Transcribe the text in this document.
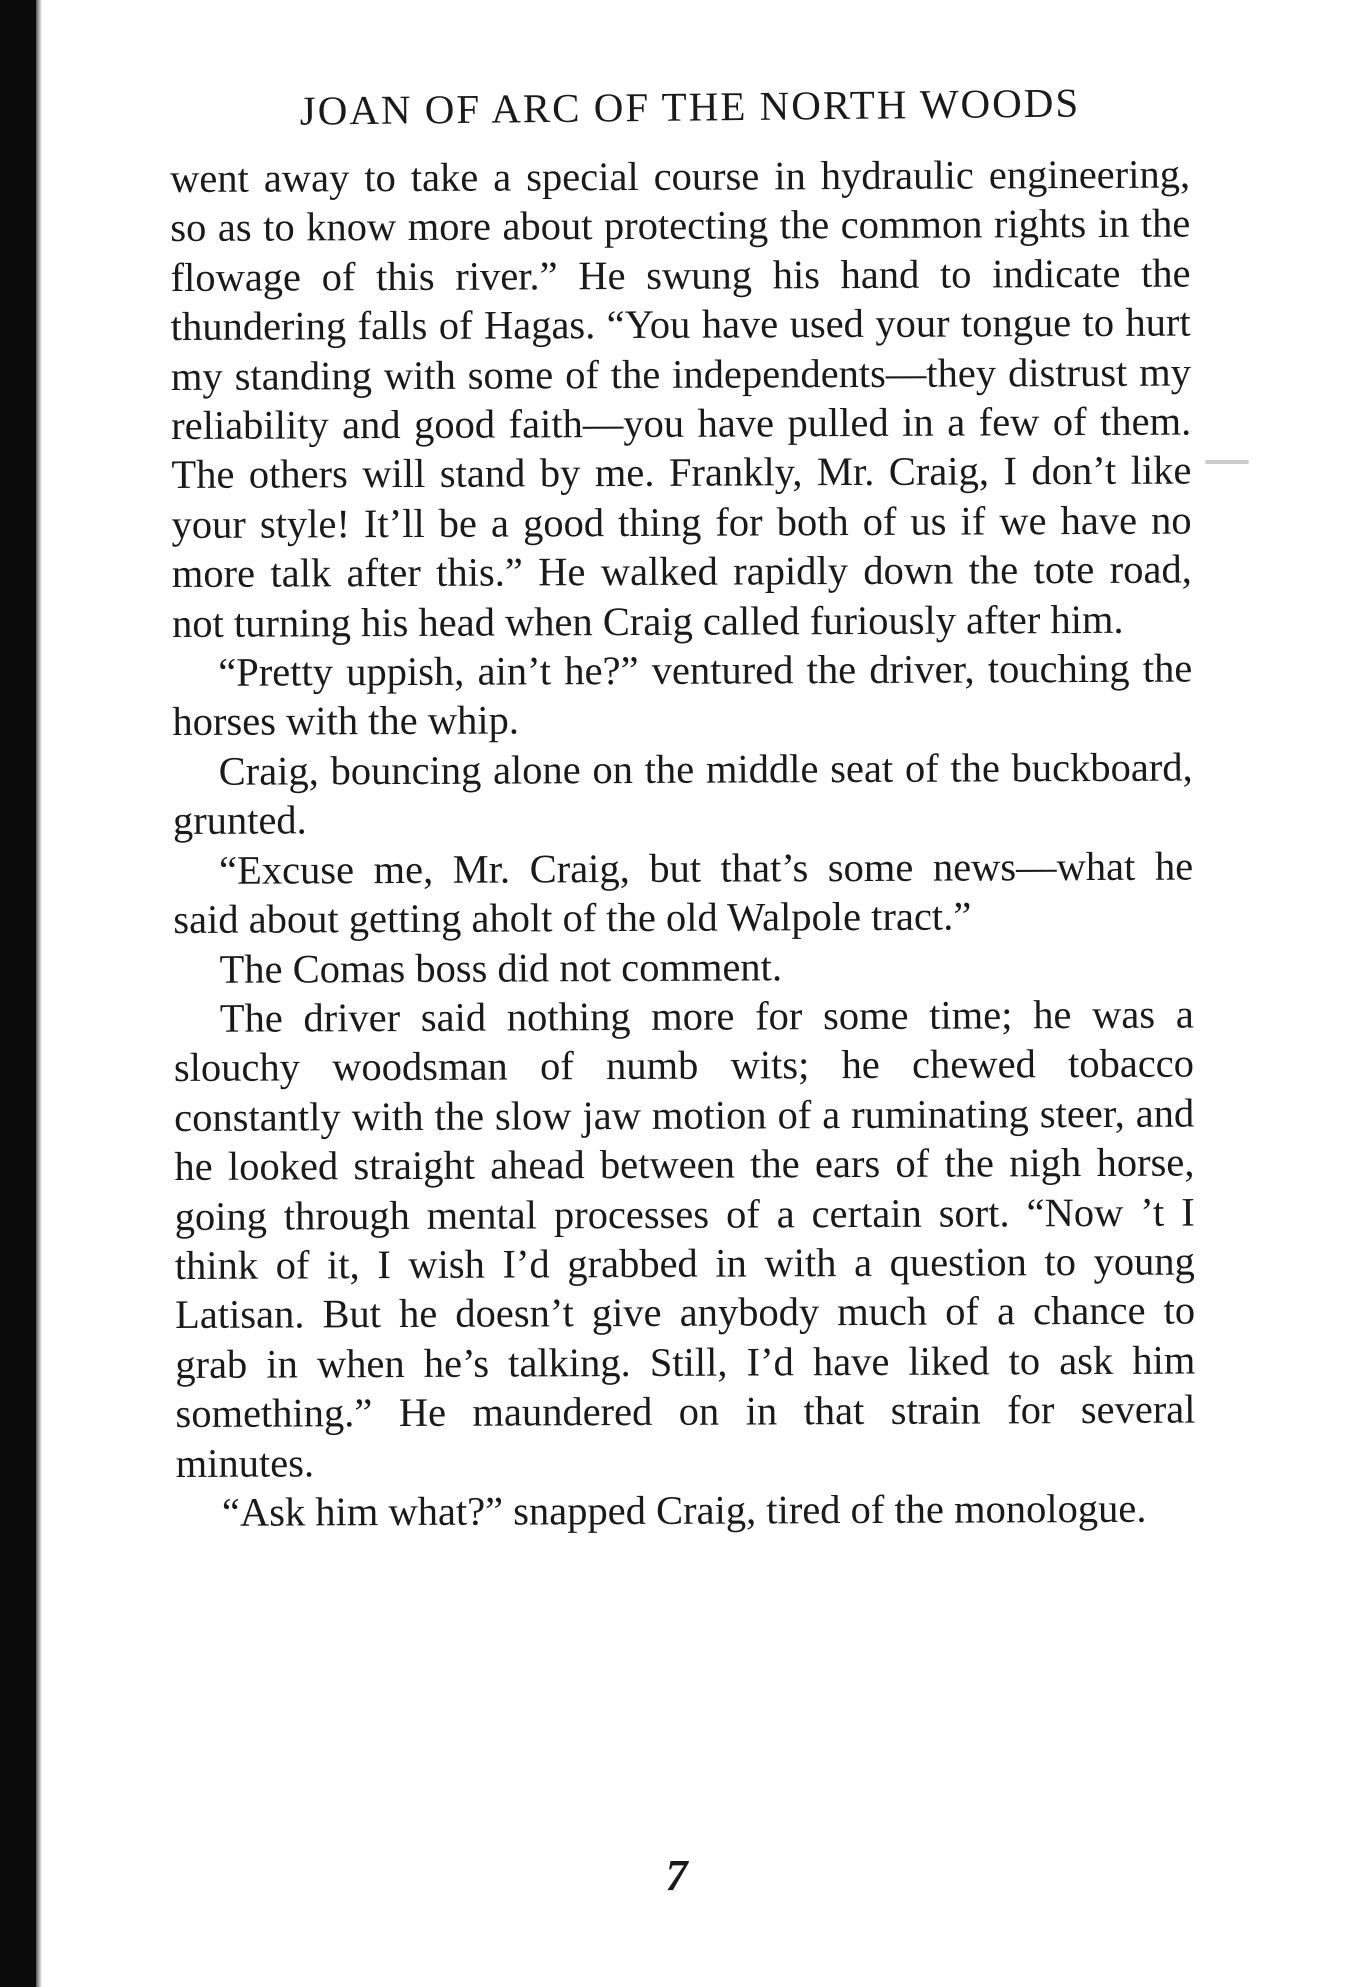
JOAN OF ARC OF THE NORTH WOODS

went away to take a special course in hydraulic engineering, so as to know more about protecting the common rights in the flowage of this river.” He swung his hand to indicate the thundering falls of Hagas. “You have used your tongue to hurt my standing with some of the independents—they distrust my reliability and good faith—you have pulled in a few of them. The others will stand by me. Frankly, Mr. Craig, I don’t like your style! It’ll be a good thing for both of us if we have no more talk after this.” He walked rapidly down the tote road, not turning his head when Craig called furiously after him.

“Pretty uppish, ain’t he?” ventured the driver, touching the horses with the whip.

Craig, bouncing alone on the middle seat of the buckboard, grunted.

“Excuse me, Mr. Craig, but that’s some news—what he said about getting aholt of the old Walpole tract.”

The Comas boss did not comment.

The driver said nothing more for some time; he was a slouchy woodsman of numb wits; he chewed tobacco constantly with the slow jaw motion of a ruminating steer, and he looked straight ahead between the ears of the nigh horse, going through mental processes of a certain sort. “Now ’t I think of it, I wish I’d grabbed in with a question to young Latisan. But he doesn’t give anybody much of a chance to grab in when he’s talking. Still, I’d have liked to ask him something.” He maundered on in that strain for several minutes.

“Ask him what?” snapped Craig, tired of the monologue.

7
